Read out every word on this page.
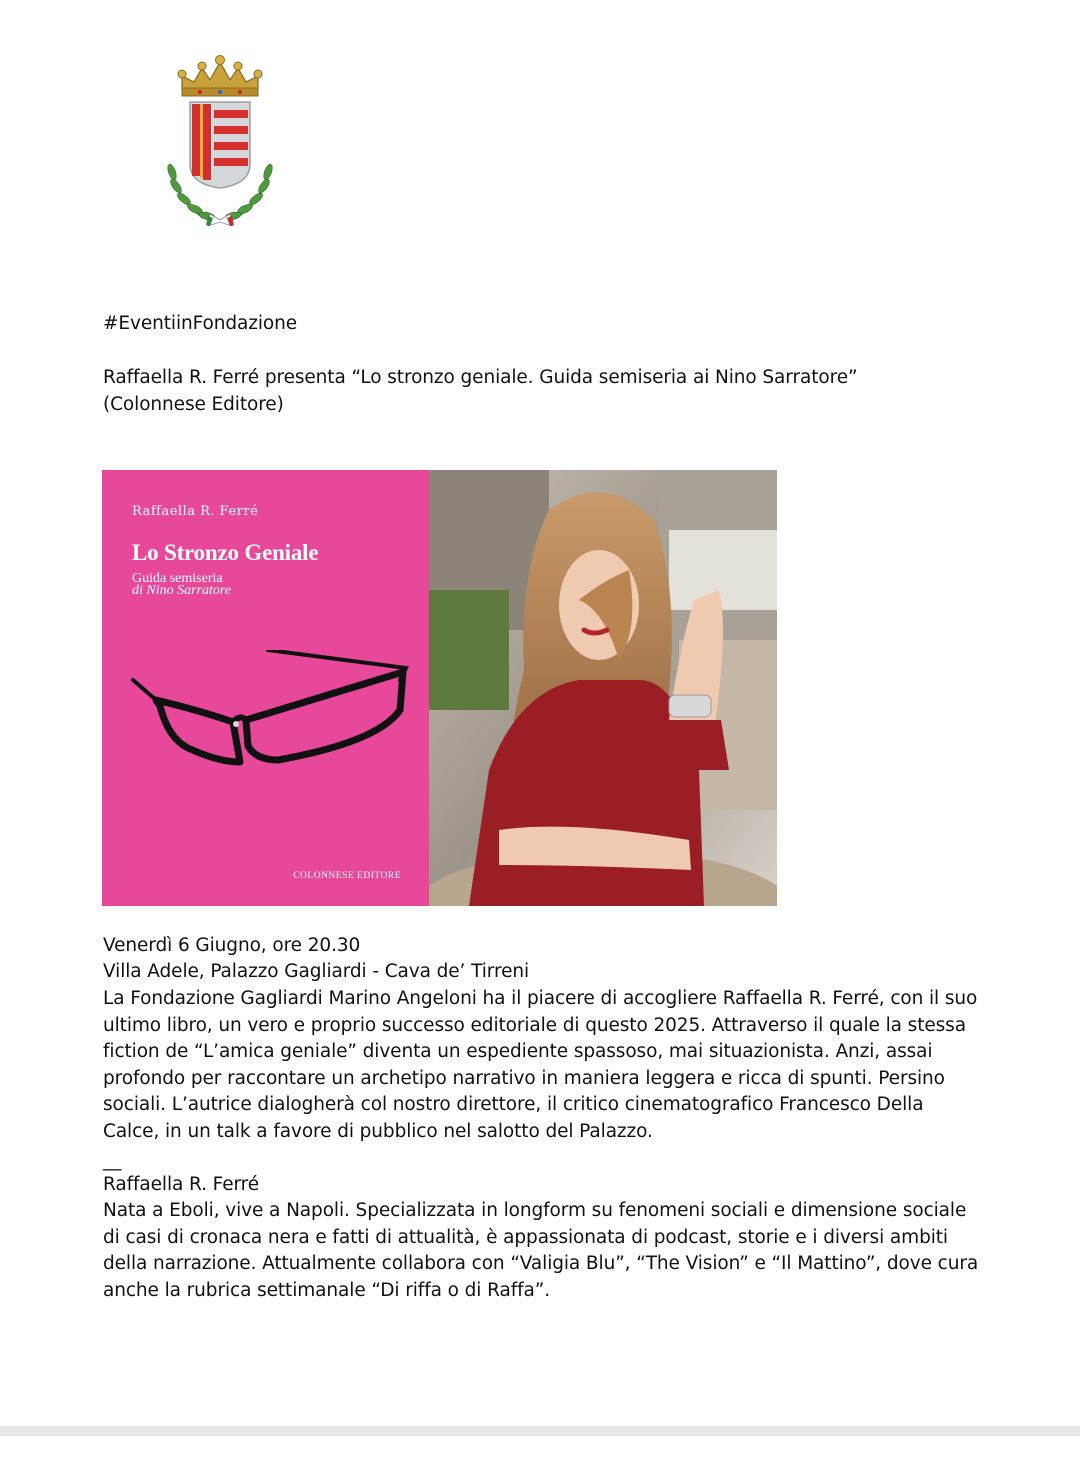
#EventiinFondazione
Raffaella R. Ferré presenta “Lo stronzo geniale. Guida semiseria ai Nino Sarratore” (Colonnese Editore)
Raffaella R. Ferré
Lo Stronzo Geniale
Guida semiseria
di Nino Sarratore
COLONNESE EDITORE
Venerdì 6 Giugno, ore 20.30
Villa Adele, Palazzo Gagliardi - Cava de’ Tirreni
La Fondazione Gagliardi Marino Angeloni ha il piacere di accogliere Raffaella R. Ferré, con il suo ultimo libro, un vero e proprio successo editoriale di questo 2025. Attraverso il quale la stessa fiction de “L’amica geniale” diventa un espediente spassoso, mai situazionista. Anzi, assai profondo per raccontare un archetipo narrativo in maniera leggera e ricca di spunti. Persino sociali. L’autrice dialogherà col nostro direttore, il critico cinematografico Francesco Della Calce, in un talk a favore di pubblico nel salotto del Palazzo.
__
Raffaella R. Ferré
Nata a Eboli, vive a Napoli. Specializzata in longform su fenomeni sociali e dimensione sociale di casi di cronaca nera e fatti di attualità, è appassionata di podcast, storie e i diversi ambiti della narrazione. Attualmente collabora con “Valigia Blu”, “The Vision” e “Il Mattino”, dove cura anche la rubrica settimanale “Di riffa o di Raffa”.
